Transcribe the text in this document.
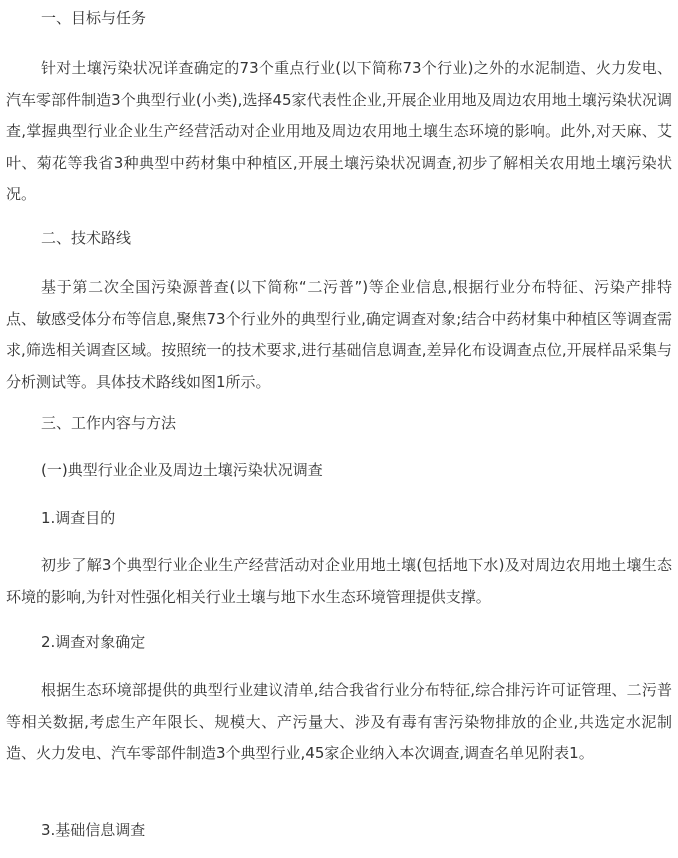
一、目标与任务
针对土壤污染状况详查确定的73个重点行业(以下简称73个行业)之外的水泥制造、火力发电、汽车零部件制造3个典型行业(小类),选择45家代表性企业,开展企业用地及周边农用地土壤污染状况调查,掌握典型行业企业生产经营活动对企业用地及周边农用地土壤生态环境的影响。此外,对天麻、艾叶、菊花等我省3种典型中药材集中种植区,开展土壤污染状况调查,初步了解相关农用地土壤污染状况。
二、技术路线
基于第二次全国污染源普查(以下简称“二污普”)等企业信息,根据行业分布特征、污染产排特点、敏感受体分布等信息,聚焦73个行业外的典型行业,确定调查对象;结合中药材集中种植区等调查需求,筛选相关调查区域。按照统一的技术要求,进行基础信息调查,差异化布设调查点位,开展样品采集与分析测试等。具体技术路线如图1所示。
三、工作内容与方法
(一)典型行业企业及周边土壤污染状况调查
1.调查目的
初步了解3个典型行业企业生产经营活动对企业用地土壤(包括地下水)及对周边农用地土壤生态环境的影响,为针对性强化相关行业土壤与地下水生态环境管理提供支撑。
2.调查对象确定
根据生态环境部提供的典型行业建议清单,结合我省行业分布特征,综合排污许可证管理、二污普等相关数据,考虑生产年限长、规模大、产污量大、涉及有毒有害污染物排放的企业,共选定水泥制造、火力发电、汽车零部件制造3个典型行业,45家企业纳入本次调查,调查名单见附表1。
3.基础信息调查
